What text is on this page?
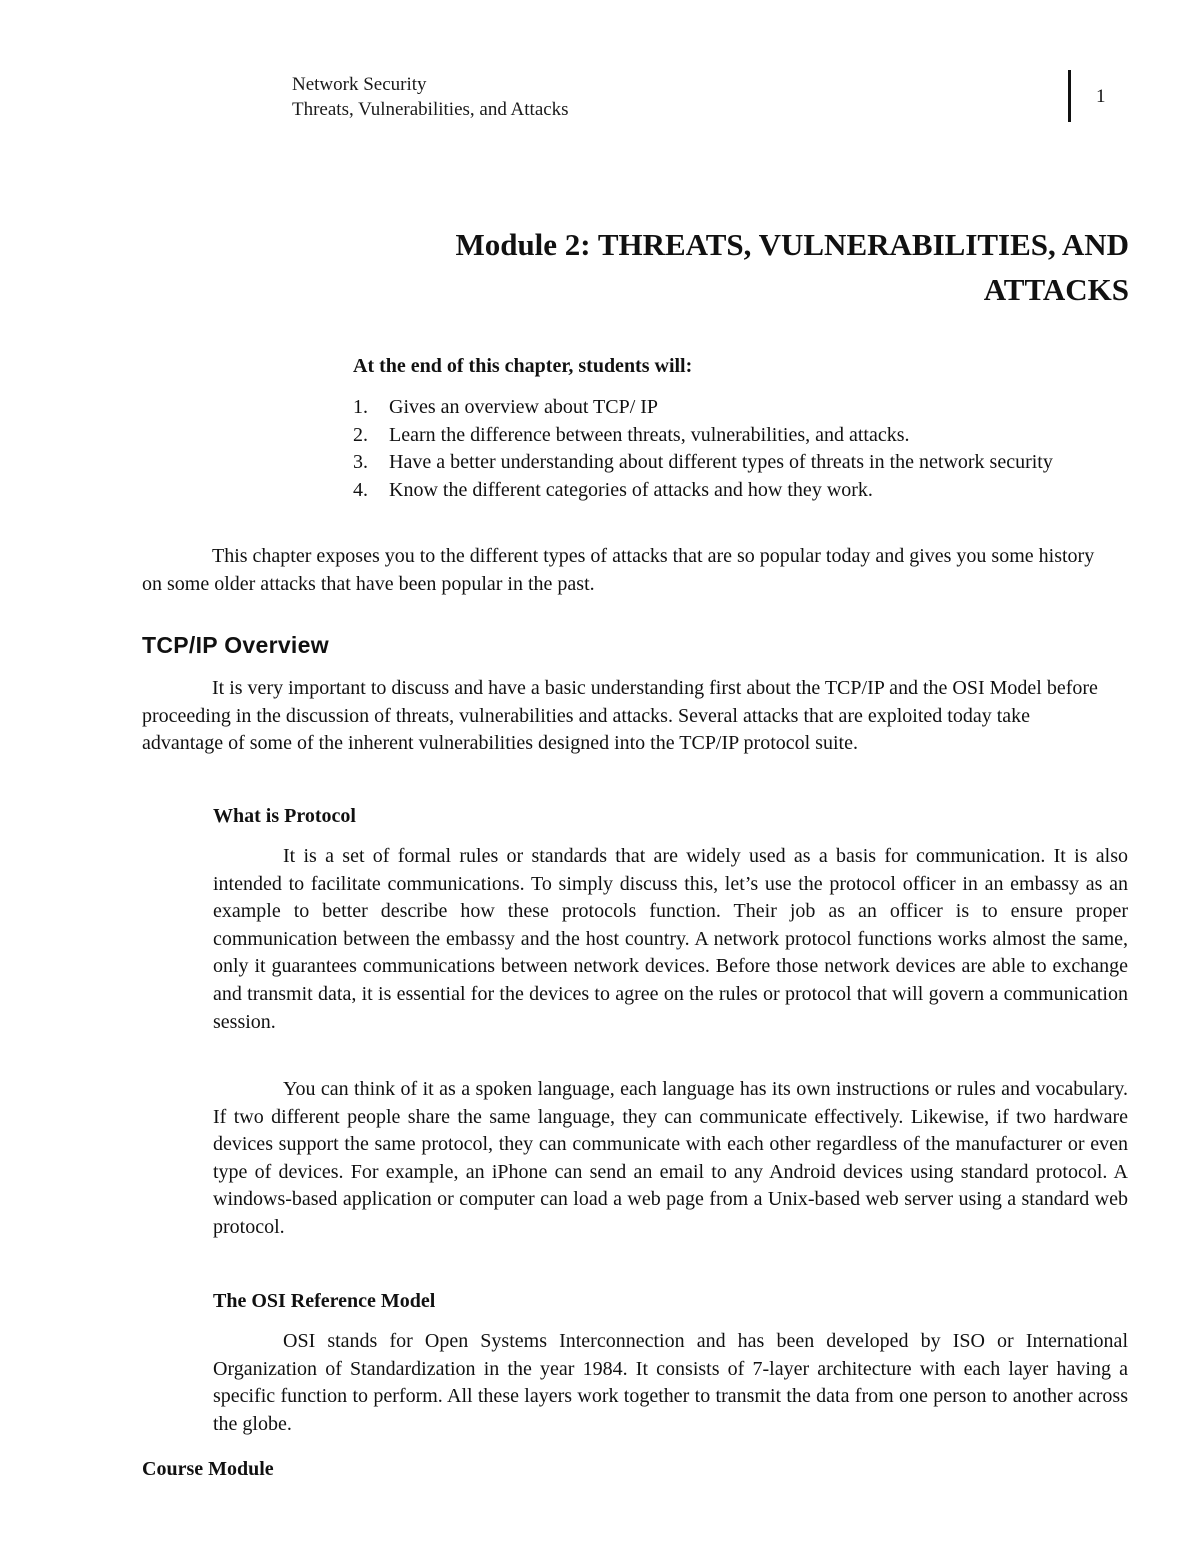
Network Security
Threats, Vulnerabilities, and Attacks
1
Module 2: THREATS, VULNERABILITIES, AND
ATTACKS
At the end of this chapter, students will:
1. Gives an overview about TCP/ IP
2. Learn the difference between threats, vulnerabilities, and attacks.
3. Have a better understanding about different types of threats in the network security
4. Know the different categories of attacks and how they work.

This chapter exposes you to the different types of attacks that are so popular today and gives you some history on some older attacks that have been popular in the past.

TCP/IP Overview

It is very important to discuss and have a basic understanding first about the TCP/IP and the OSI Model before proceeding in the discussion of threats, vulnerabilities and attacks. Several attacks that are exploited today take advantage of some of the inherent vulnerabilities designed into the TCP/IP protocol suite.

What is Protocol

It is a set of formal rules or standards that are widely used as a basis for communication. It is also intended to facilitate communications. To simply discuss this, let’s use the protocol officer in an embassy as an example to better describe how these protocols function. Their job as an officer is to ensure proper communication between the embassy and the host country. A network protocol functions works almost the same, only it guarantees communications between network devices. Before those network devices are able to exchange and transmit data, it is essential for the devices to agree on the rules or protocol that will govern a communication session.

You can think of it as a spoken language, each language has its own instructions or rules and vocabulary. If two different people share the same language, they can communicate effectively. Likewise, if two hardware devices support the same protocol, they can communicate with each other regardless of the manufacturer or even type of devices. For example, an iPhone can send an email to any Android devices using standard protocol. A windows-based application or computer can load a web page from a Unix-based web server using a standard web protocol.

The OSI Reference Model

OSI stands for Open Systems Interconnection and has been developed by ISO or International Organization of Standardization in the year 1984. It consists of 7-layer architecture with each layer having a specific function to perform. All these layers work together to transmit the data from one person to another across the globe.

Course Module
